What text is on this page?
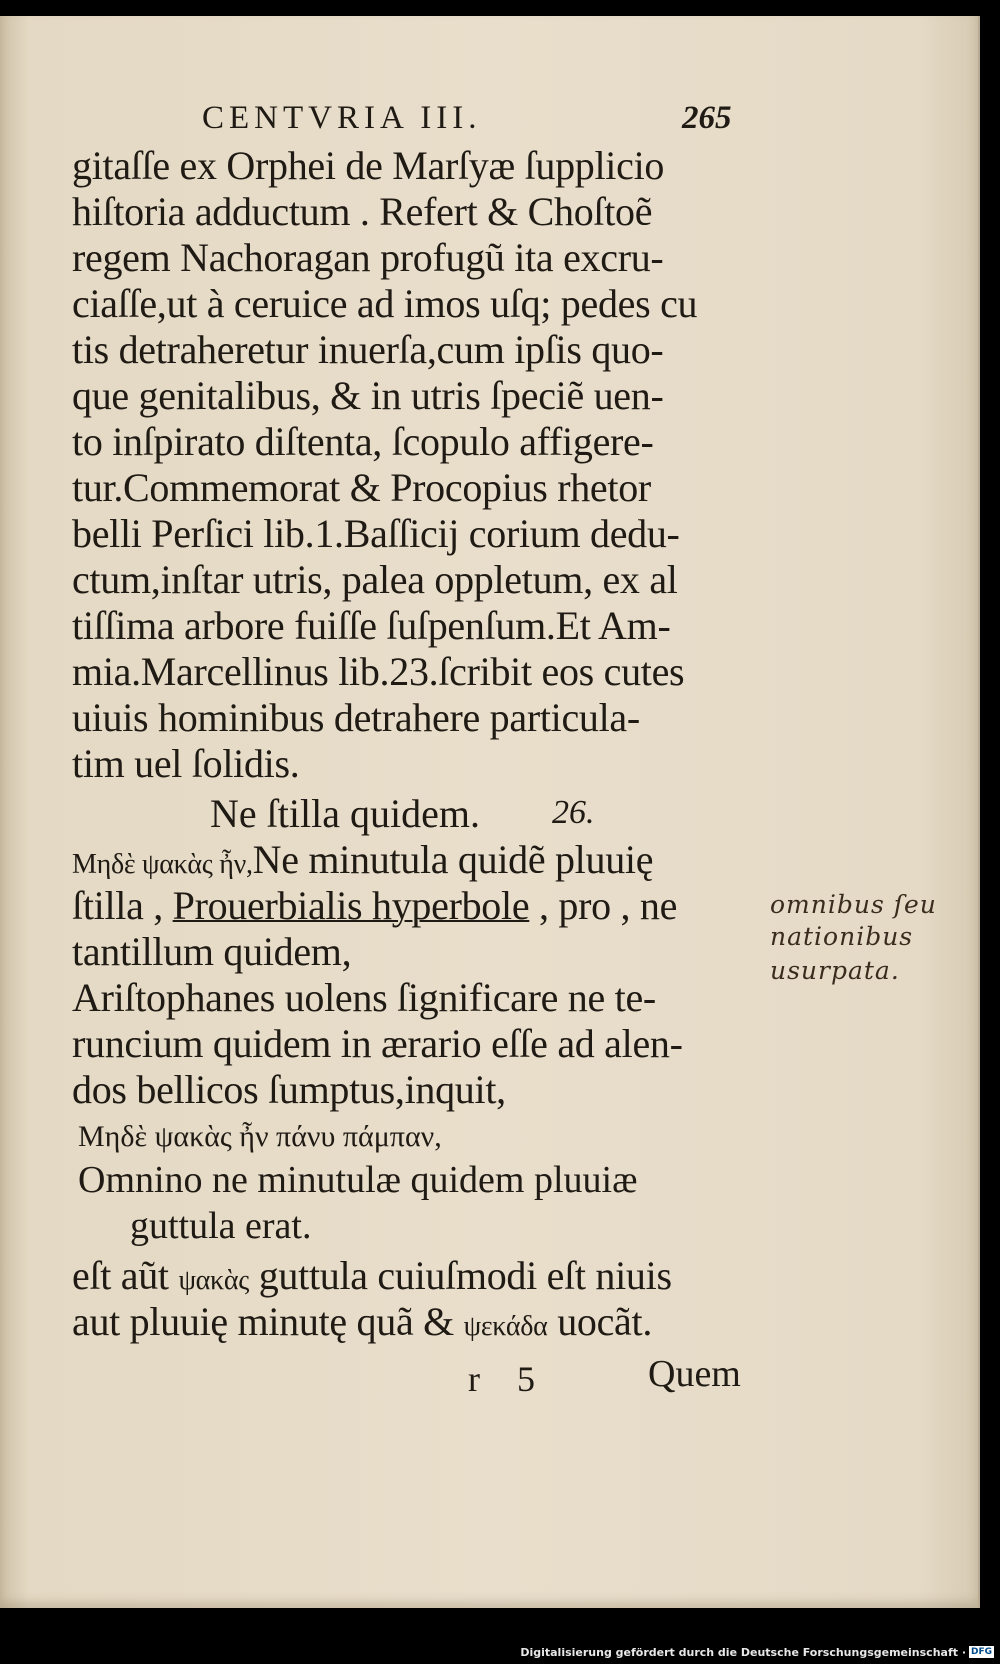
CENTVRIA III.	265
gitaſſe ex Orphei de Marſyæ ſupplicio
hiſtoria adductum . Refert & Choſtoẽ
regem Nachoragan profugũ ita excru-
ciaſſe,ut à ceruice ad imos uſq; pedes cu
tis detraheretur inuerſa,cum ipſis quo-
que genitalibus, & in utris ſpeciẽ uen-
to inſpirato diſtenta, ſcopulo affigere-
tur.Commemorat & Procopius rhetor
belli Perſici lib.1.Baſſicij corium dedu-
ctum,inſtar utris, palea oppletum, ex al
tiſſima arbore fuiſſe ſuſpenſum.Et Am-
mia.Marcellinus lib.23.ſcribit eos cutes
uiuis hominibus detrahere particula-
tim uel ſolidis.
Ne ſtilla quidem. 26.
Μηδὲ ψακὰς ἦν,Ne minutula quidẽ pluuię
ſtilla , Prouerbialis hyperbole , pro , ne
tantillum quidem,
Ariſtophanes uolens ſignificare ne te-
runcium quidem in ærario eſſe ad alen-
dos bellicos ſumptus,inquit,
Μηδὲ ψακὰς ἦν πάνυ πάμπαν,
Omnino ne minutulæ quidem pluuiæ
guttula erat.
eſt aũt ψακὰς guttula cuiuſmodi eſt niuis
aut pluuię minutę quã & ψεκάδα uocãt.
r 5	Quem
omnibus ſeu
nationibus
usurpata.
Digitalisierung gefördert durch die Deutsche Forschungsgemeinschaft · DFG
